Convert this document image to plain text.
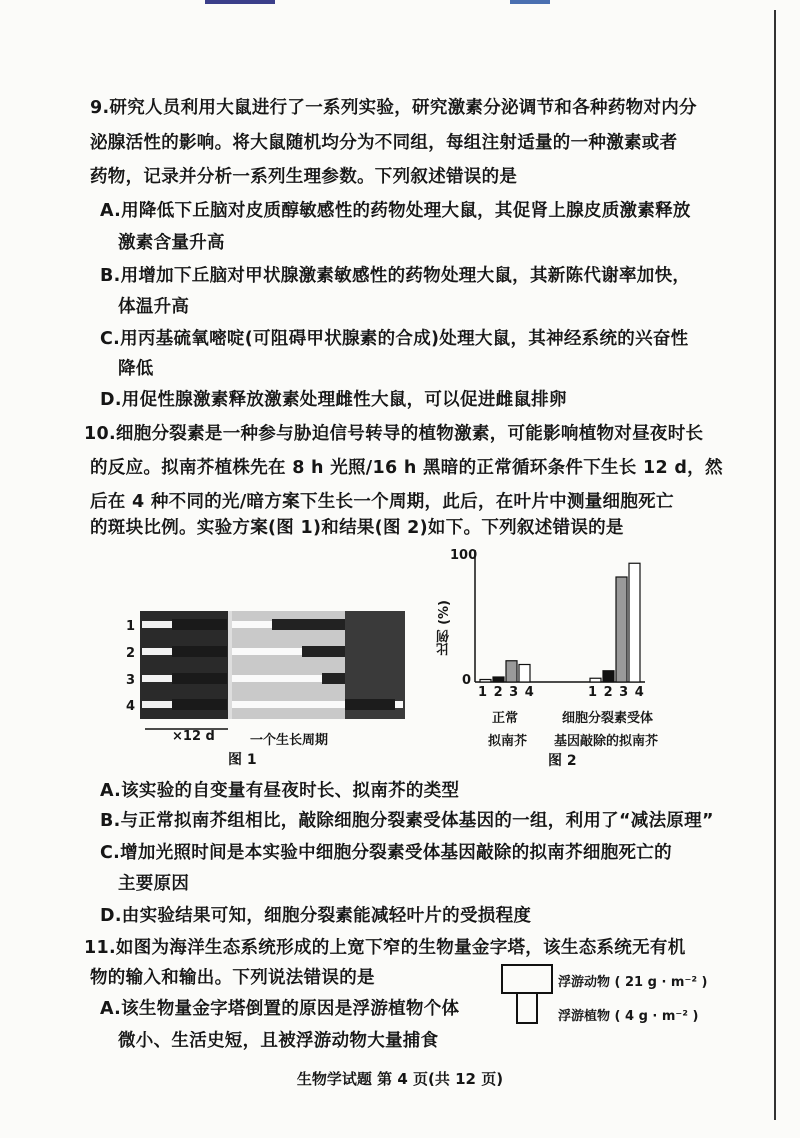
9.研究人员利用大鼠进行了一系列实验，研究激素分泌调节和各种药物对内分
泌腺活性的影响。将大鼠随机均分为不同组，每组注射适量的一种激素或者
药物，记录并分析一系列生理参数。下列叙述错误的是
A.用降低下丘脑对皮质醇敏感性的药物处理大鼠，其促肾上腺皮质激素释放
激素含量升高
B.用增加下丘脑对甲状腺激素敏感性的药物处理大鼠，其新陈代谢率加快，
体温升高
C.用丙基硫氧嘧啶(可阻碍甲状腺素的合成)处理大鼠，其神经系统的兴奋性
降低
D.用促性腺激素释放激素处理雌性大鼠，可以促进雌鼠排卵
10.细胞分裂素是一种参与胁迫信号转导的植物激素，可能影响植物对昼夜时长
的反应。拟南芥植株先在 8 h 光照/16 h 黑暗的正常循环条件下生长 12 d，然
后在 4 种不同的光/暗方案下生长一个周期，此后，在叶片中测量细胞死亡
的斑块比例。实验方案(图 1)和结果(图 2)如下。下列叙述错误的是
1
2
3
4
×12 d	一个生长周期
图 1
100
0
比例 (%)
1 2 3 4	1 2 3 4
正常
拟南芥
细胞分裂素受体
基因敲除的拟南芥
图 2
A.该实验的自变量有昼夜时长、拟南芥的类型
B.与正常拟南芥组相比，敲除细胞分裂素受体基因的一组，利用了“减法原理”
C.增加光照时间是本实验中细胞分裂素受体基因敲除的拟南芥细胞死亡的
主要原因
D.由实验结果可知，细胞分裂素能减轻叶片的受损程度
11.如图为海洋生态系统形成的上宽下窄的生物量金字塔，该生态系统无有机
物的输入和输出。下列说法错误的是	浮游动物 ( 21 g · m⁻² )
浮游植物 ( 4 g · m⁻² )
A.该生物量金字塔倒置的原因是浮游植物个体
微小、生活史短，且被浮游动物大量捕食
生物学试题 第 4 页(共 12 页)
